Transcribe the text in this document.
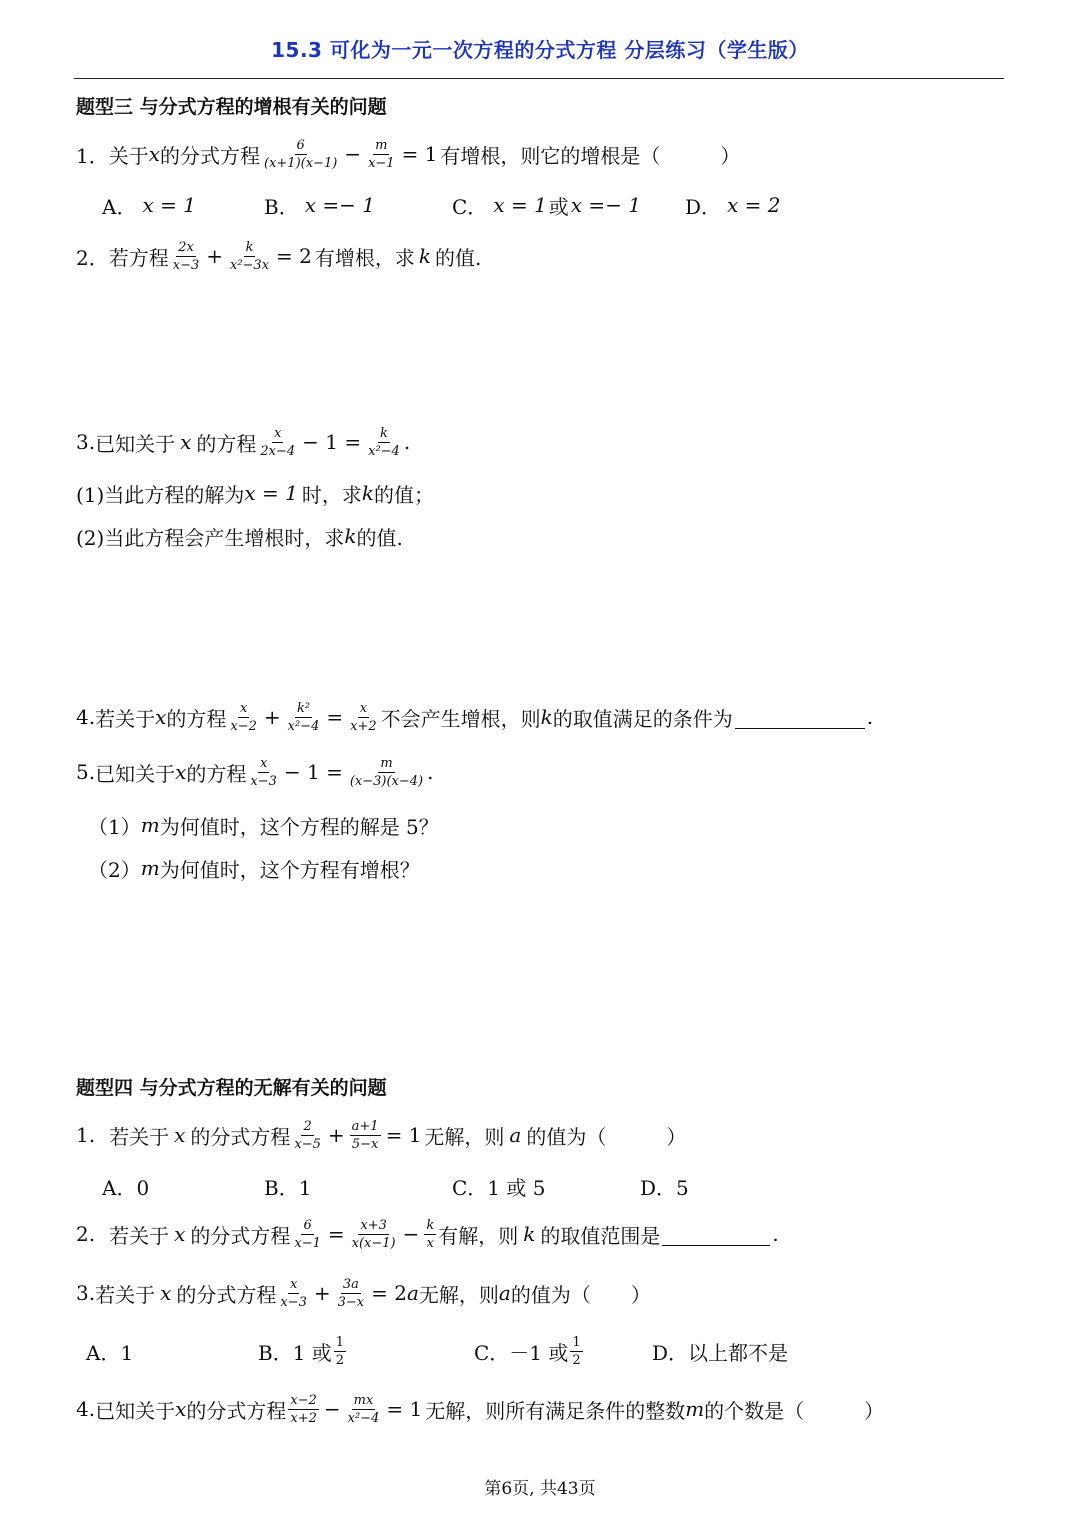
15.3 可化为一元一次方程的分式方程 分层练习（学生版）
题型三 与分式方程的增根有关的问题
1． 关于 x 的分式方程 $\frac{6}{(x+1)(x-1)} - \frac{m}{x-1} = 1$ 有增根，则它的增根是（　　　）
A． x = 1	B． x =− 1	C． x = 1 或 x =− 1 D． x = 2
2． 若方程 $\frac{2x}{x-3} + \frac{k}{\text{x²−3x}} = 2$ 有增根，求 k 的值.
3. 已知关于 x 的方程 $\frac{x}{2x-4} - 1 = \frac{k}{\text{x²−4}}$ .
(1)当此方程的解为 x = 1 时，求 k 的值；
(2)当此方程会产生增根时，求 k 的值.
4. 若关于 x 的方程 $\frac{x}{x-2} + \frac{\text{k²}}{\text{x²−4}} = \frac{x}{x+2}$ 不会产生增根，则 k 的取值满足的条件为	.
5. 已知关于 x 的方程 $\frac{x}{x-3} - 1 = \frac{m}{(x-3)(x-4)}$ .
（1） m 为何值时，这个方程的解是 5？
（2） m 为何值时，这个方程有增根？
题型四 与分式方程的无解有关的问题
1. 若关于 x 的分式方程 $\frac{2}{x-5} + \frac{a+1}{5-x} = 1$ 无解，则 a 的值为（　　　）
A．0	B．1	C．1 或 5	D．5
2. 若关于 x 的分式方程 $\frac{6}{x-1} = \frac{x+3}{x(x-1)} - \frac{k}{x}$ 有解，则 k 的取值范围是	.
3. 若关于 x 的分式方程 $\frac{x}{x-3} + \frac{3a}{3-x} = 2$ a 无解，则 a 的值为（　　）
A．1	B．1 或 $\frac{1}{2}$	C．－1 或 $\frac{1}{2}$	D．以上都不是
4. 已知关于 x 的分式方程 $\frac{x-2}{x+2} - \frac{mx}{\text{x²−4}} = 1$ 无解，则所有满足条件的整数 m 的个数是（　　　）
第6页, 共43页
